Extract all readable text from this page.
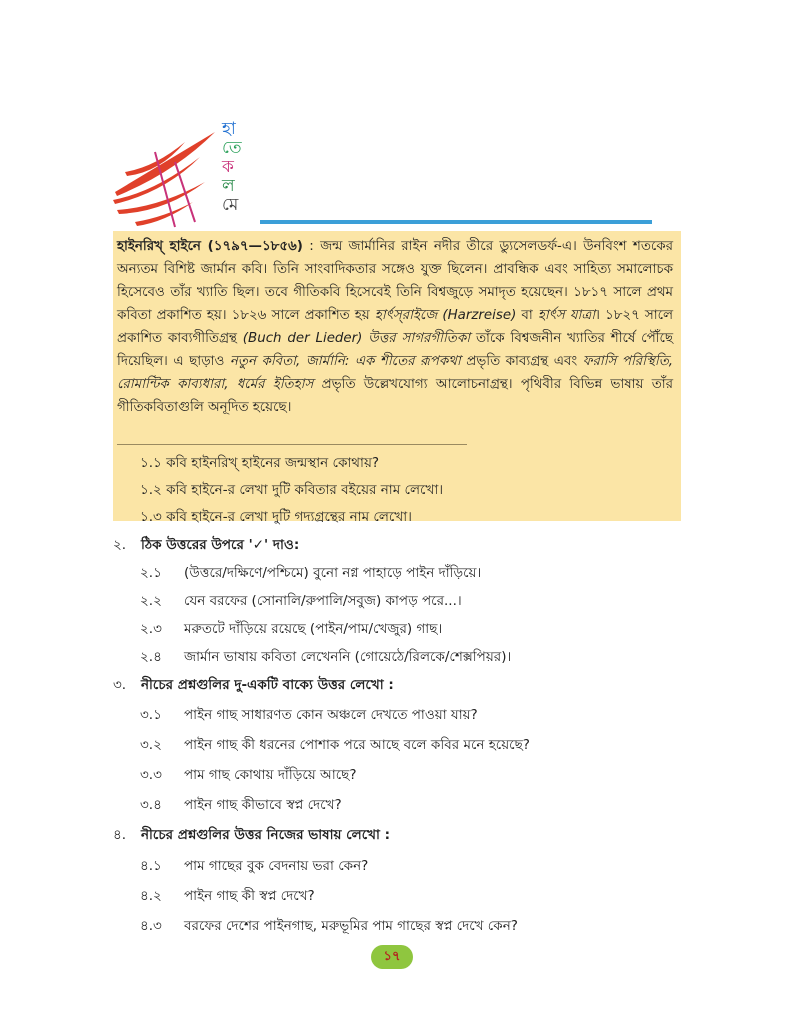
হা
তে
ক
ল
মে

হাইনরিখ্ হাইনে (১৭৯৭—১৮৫৬) : জন্ম জার্মানির রাইন নদীর তীরে ড্যুসেলডর্ফ-এ। উনবিংশ শতকের অন্যতম বিশিষ্ট জার্মান কবি। তিনি সাংবাদিকতার সঙ্গেও যুক্ত ছিলেন। প্রাবন্ধিক এবং সাহিত্য সমালোচক হিসেবেও তাঁর খ্যাতি ছিল। তবে গীতিকবি হিসেবেই তিনি বিশ্বজুড়ে সমাদৃত হয়েছেন। ১৮১৭ সালে প্রথম কবিতা প্রকাশিত হয়। ১৮২৬ সালে প্রকাশিত হয় হার্ৎস্‌রাইজে (Harzreise) বা হার্ৎস যাত্রা। ১৮২৭ সালে প্রকাশিত কাব্যগীতিগ্রন্থ (Buch der Lieder) উত্তর সাগরগীতিকা তাঁকে বিশ্বজনীন খ্যাতির শীর্ষে পৌঁছে দিয়েছিল। এ ছাড়াও নতুন কবিতা, জার্মানি: এক শীতের রূপকথা প্রভৃতি কাব্যগ্রন্থ এবং ফরাসি পরিস্থিতি, রোমান্টিক কাব্যধারা, ধর্মের ইতিহাস প্রভৃতি উল্লেখযোগ্য আলোচনাগ্রন্থ। পৃথিবীর বিভিন্ন ভাষায় তাঁর গীতিকবিতাগুলি অনূদিত হয়েছে।

১.১ কবি হাইনরিখ্ হাইনের জন্মস্থান কোথায়?
১.২ কবি হাইনে-র লেখা দুটি কবিতার বইয়ের নাম লেখো।
১.৩ কবি হাইনে-র লেখা দুটি গদ্যগ্রন্থের নাম লেখো।
২. ঠিক উত্তরের উপরে '✓' দাও:
২.১ (উত্তরে/দক্ষিণে/পশ্চিমে) বুনো নগ্ন পাহাড়ে পাইন দাঁড়িয়ে।
২.২ যেন বরফের (সোনালি/রুপালি/সবুজ) কাপড় পরে...।
২.৩ মরুতটে দাঁড়িয়ে রয়েছে (পাইন/পাম/খেজুর) গাছ।
২.৪ জার্মান ভাষায় কবিতা লেখেননি (গোয়েঠে/রিলকে/শেক্সপিয়র)।
৩. নীচের প্রশ্নগুলির দু-একটি বাক্যে উত্তর লেখো :
৩.১ পাইন গাছ সাধারণত কোন অঞ্চলে দেখতে পাওয়া যায়?
৩.২ পাইন গাছ কী ধরনের পোশাক পরে আছে বলে কবির মনে হয়েছে?
৩.৩ পাম গাছ কোথায় দাঁড়িয়ে আছে?
৩.৪ পাইন গাছ কীভাবে স্বপ্ন দেখে?
৪. নীচের প্রশ্নগুলির উত্তর নিজের ভাষায় লেখো :
৪.১ পাম গাছের বুক বেদনায় ভরা কেন?
৪.২ পাইন গাছ কী স্বপ্ন দেখে?
৪.৩ বরফের দেশের পাইনগাছ, মরুভূমির পাম গাছের স্বপ্ন দেখে কেন?
১৭
